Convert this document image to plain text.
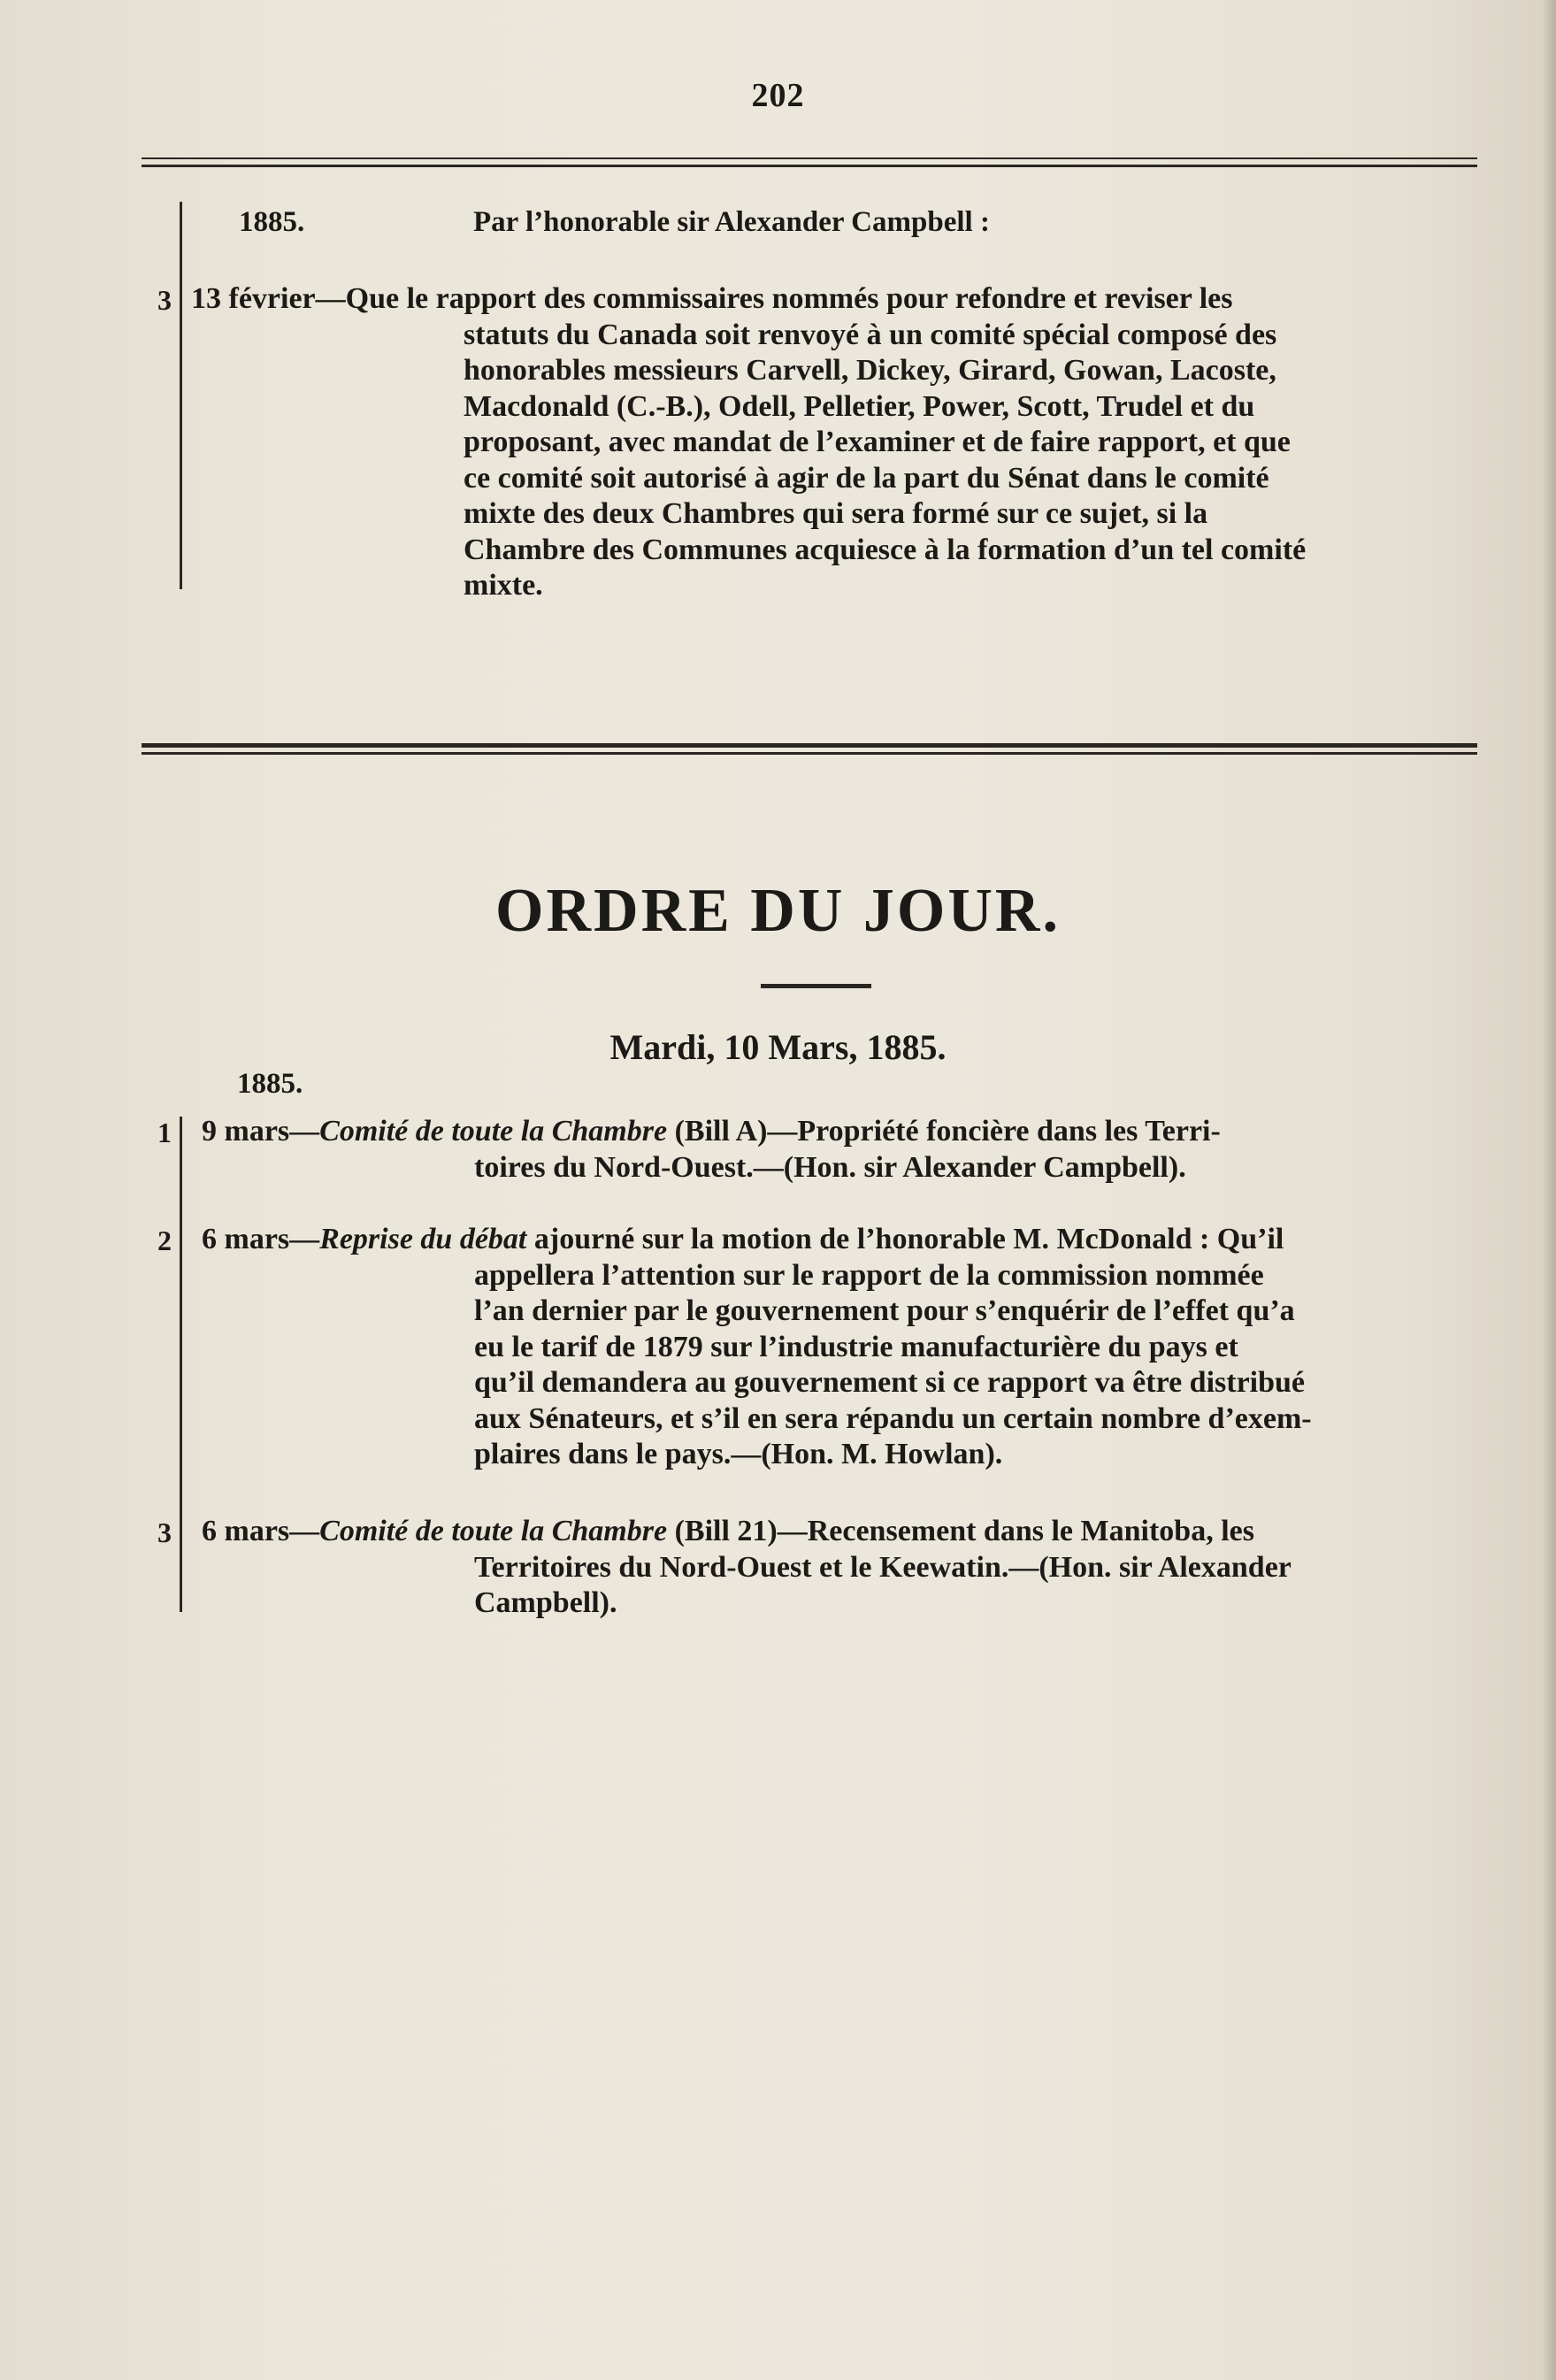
202
1885.	Par l’honorable sir Alexander Campbell :
3 13 février—Que le rapport des commissaires nommés pour refondre et reviser les
statuts du Canada soit renvoyé à un comité spécial composé des
honorables messieurs Carvell, Dickey, Girard, Gowan, Lacoste,
Macdonald (C.-B.), Odell, Pelletier, Power, Scott, Trudel et du
proposant, avec mandat de l’examiner et de faire rapport, et que
ce comité soit autorisé à agir de la part du Sénat dans le comité
mixte des deux Chambres qui sera formé sur ce sujet, si la
Chambre des Communes acquiesce à la formation d’un tel comité
mixte.
ORDRE DU JOUR.
Mardi, 10 Mars, 1885.
1885.
1 9 mars—Comité de toute la Chambre (Bill A)—Propriété foncière dans les Terri-
toires du Nord-Ouest.—(Hon. sir Alexander Campbell).
2 6 mars—Reprise du débat ajourné sur la motion de l’honorable M. McDonald : Qu’il
appellera l’attention sur le rapport de la commission nommée
l’an dernier par le gouvernement pour s’enquérir de l’effet qu’a
eu le tarif de 1879 sur l’industrie manufacturière du pays et
qu’il demandera au gouvernement si ce rapport va être distribué
aux Sénateurs, et s’il en sera répandu un certain nombre d’exem-
plaires dans le pays.—(Hon. M. Howlan).
3 6 mars—Comité de toute la Chambre (Bill 21)—Recensement dans le Manitoba, les
Territoires du Nord-Ouest et le Keewatin.—(Hon. sir Alexander
Campbell).
